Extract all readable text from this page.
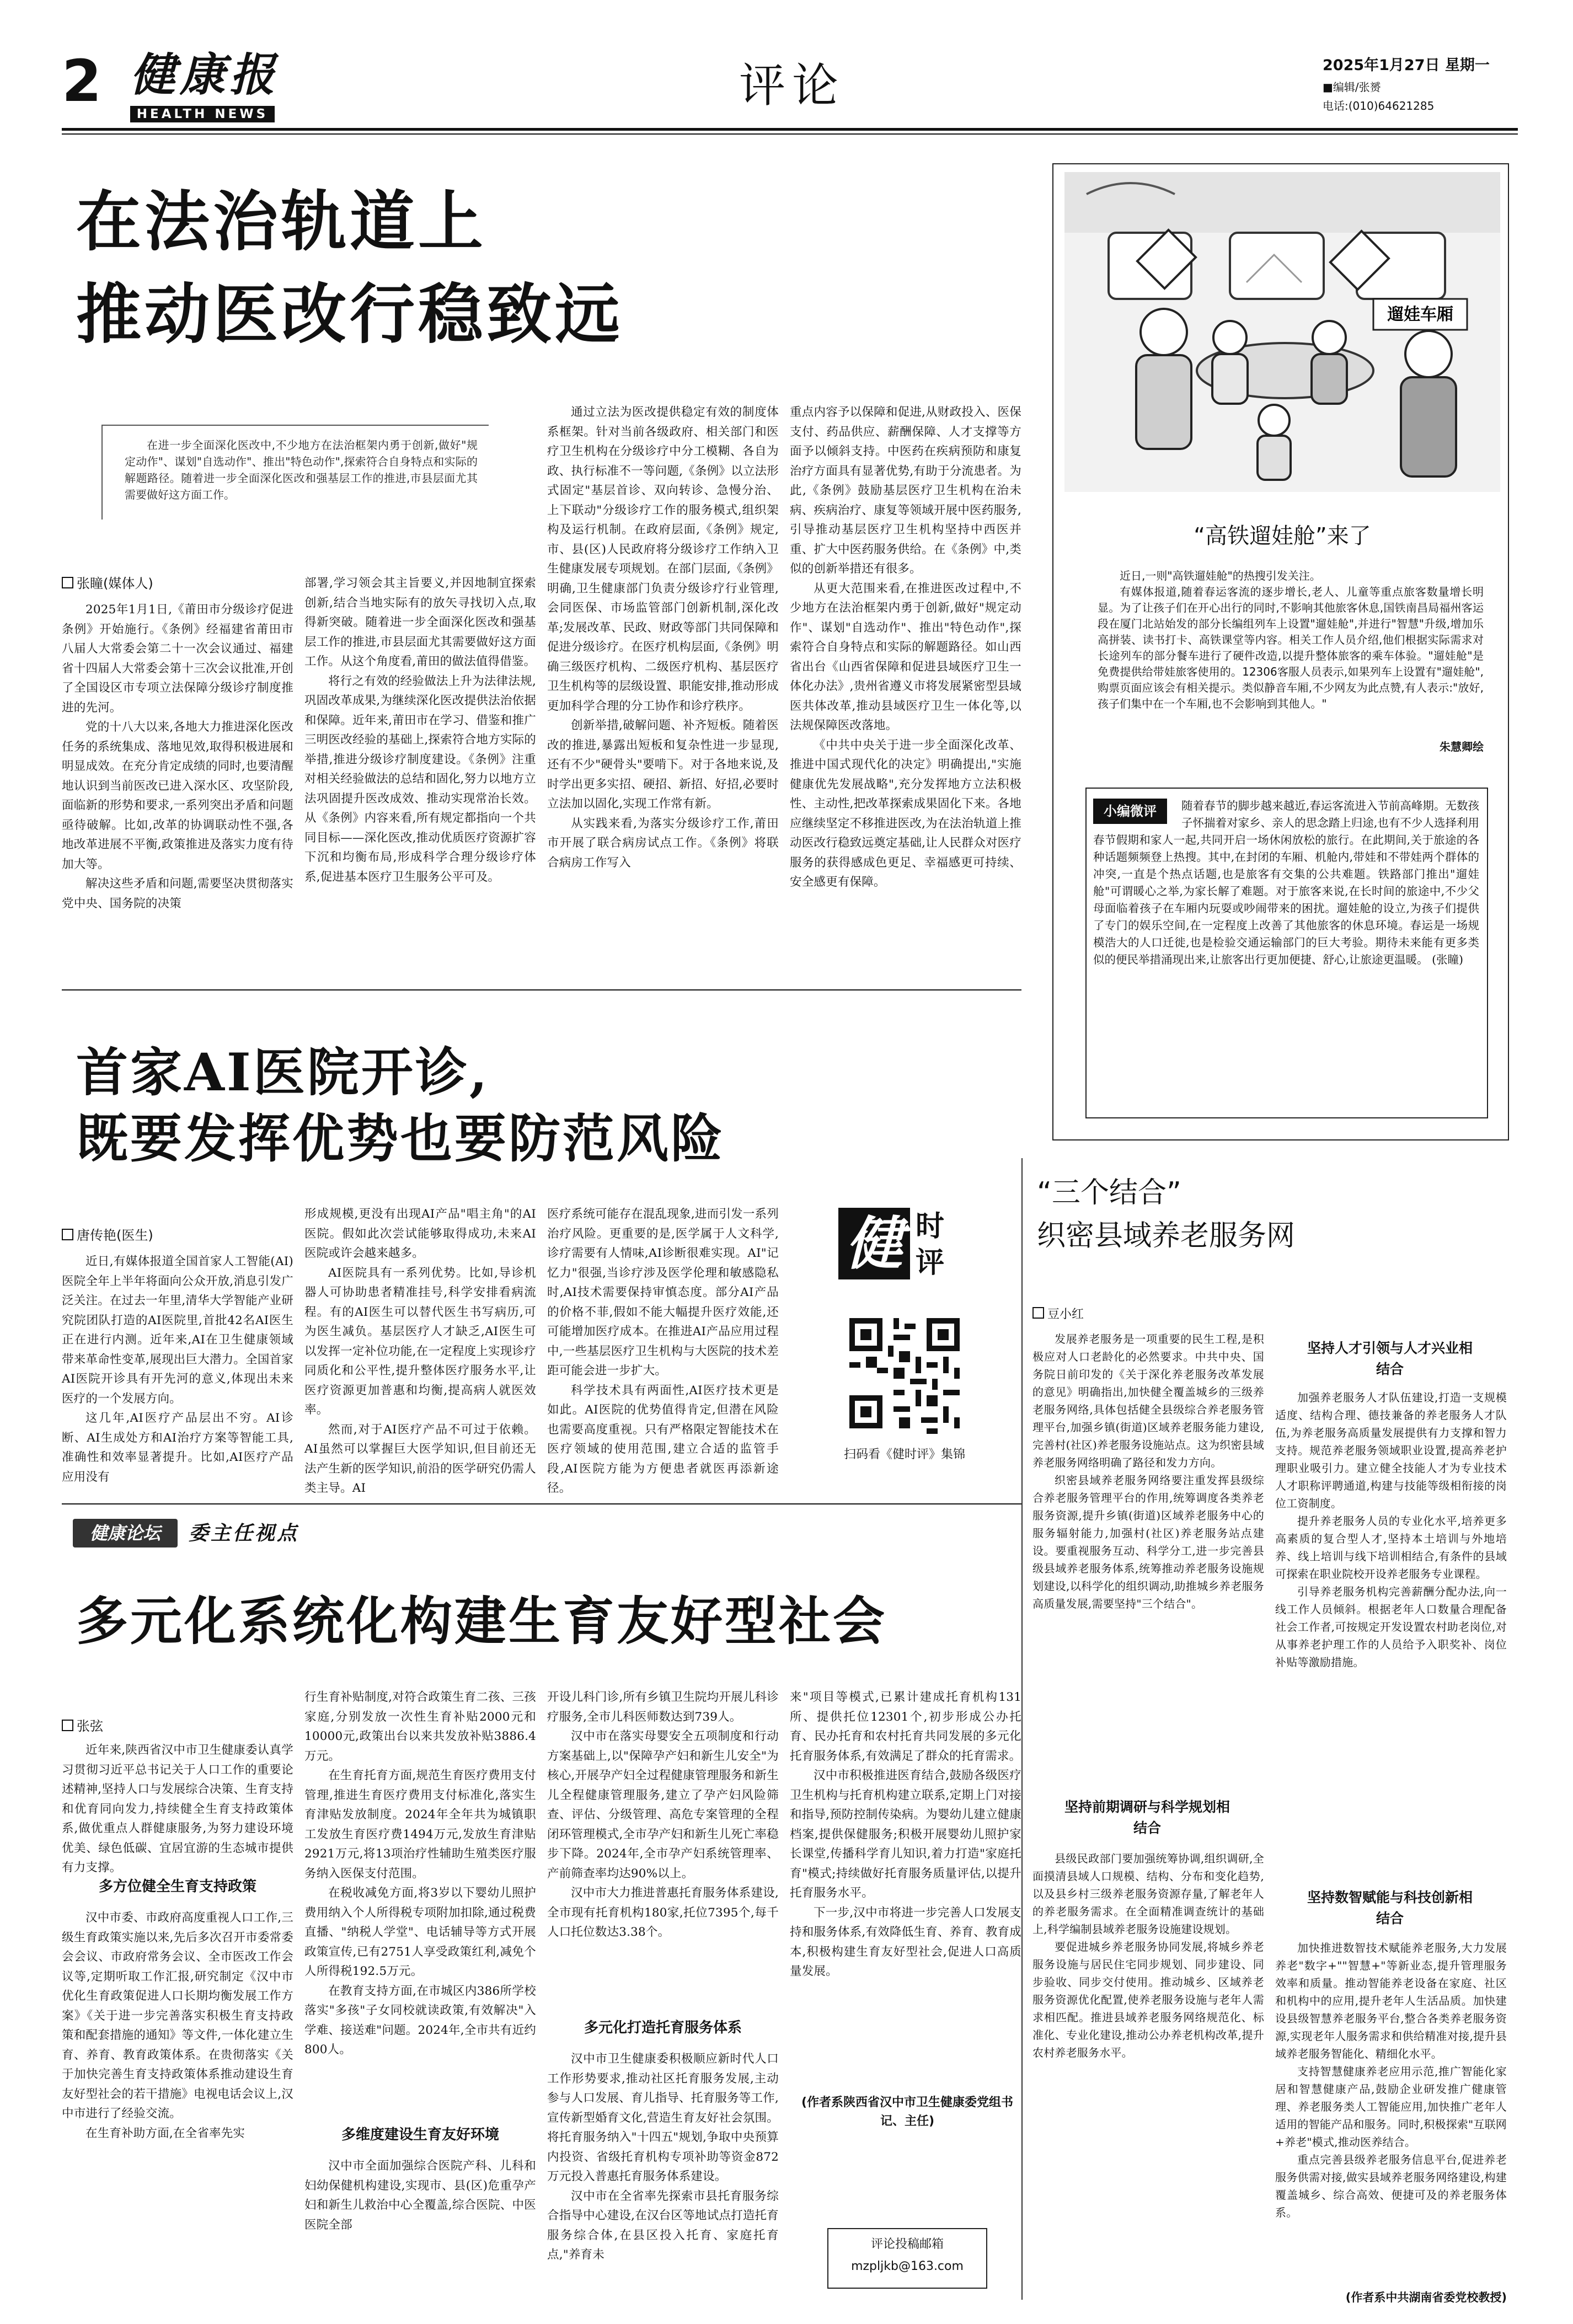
2 健康报
HEALTH NEWS
评论	2025年1月27日 星期一
■编辑/张赟
电话:(010)64621285
在法治轨道上
推动医改行稳致远
在进一步全面深化医改中,不少地方在法治框架内勇于创新,做好"规定动作"、谋划"自选动作"、推出"特色动作",探索符合自身特点和实际的解题路径。随着进一步全面深化医改和强基层工作的推进,市县层面尤其需要做好这方面工作。
张瞳(媒体人)

2025年1月1日,《莆田市分级诊疗促进条例》开始施行。《条例》经福建省莆田市八届人大常委会第二十一次会议通过、福建省十四届人大常委会第十三次会议批准,开创了全国设区市专项立法保障分级诊疗制度推进的先河。

党的十八大以来,各地大力推进深化医改任务的系统集成、落地见效,取得积极进展和明显成效。在充分肯定成绩的同时,也要清醒地认识到当前医改已进入深水区、攻坚阶段,面临新的形势和要求,一系列突出矛盾和问题亟待破解。比如,改革的协调联动性不强,各地改革进展不平衡,政策推进及落实力度有待加大等。

解决这些矛盾和问题,需要坚决贯彻落实党中央、国务院的决策

部署,学习领会其主旨要义,并因地制宜探索创新,结合当地实际有的放矢寻找切入点,取得新突破。随着进一步全面深化医改和强基层工作的推进,市县层面尤其需要做好这方面工作。从这个角度看,莆田的做法值得借鉴。

将行之有效的经验做法上升为法律法规,巩固改革成果,为继续深化医改提供法治依据和保障。近年来,莆田市在学习、借鉴和推广三明医改经验的基础上,探索符合地方实际的举措,推进分级诊疗制度建设。《条例》注重对相关经验做法的总结和固化,努力以地方立法巩固提升医改成效、推动实现常治长效。从《条例》内容来看,所有规定都指向一个共同目标——深化医改,推动优质医疗资源扩容下沉和均衡布局,形成科学合理分级诊疗体系,促进基本医疗卫生服务公平可及。

通过立法为医改提供稳定有效的制度体系框架。针对当前各级政府、相关部门和医疗卫生机构在分级诊疗中分工模糊、各自为政、执行标准不一等问题,《条例》以立法形式固定"基层首诊、双向转诊、急慢分治、上下联动"分级诊疗工作的服务模式,组织架构及运行机制。在政府层面,《条例》规定,市、县(区)人民政府将分级诊疗工作纳入卫生健康发展专项规划。在部门层面,《条例》明确,卫生健康部门负责分级诊疗行业管理,会同医保、市场监管部门创新机制,深化改革;发展改革、民政、财政等部门共同保障和促进分级诊疗。在医疗机构层面,《条例》明确三级医疗机构、二级医疗机构、基层医疗卫生机构等的层级设置、职能安排,推动形成更加科学合理的分工协作和诊疗秩序。

创新举措,破解问题、补齐短板。随着医改的推进,暴露出短板和复杂性进一步显现,还有不少"硬骨头"要啃下。对于各地来说,及时学出更多实招、硬招、新招、好招,必要时立法加以固化,实现工作常有新。

从实践来看,为落实分级诊疗工作,莆田市开展了联合病房试点工作。《条例》将联合病房工作写入

重点内容予以保障和促进,从财政投入、医保支付、药品供应、薪酬保障、人才支撑等方面予以倾斜支持。中医药在疾病预防和康复治疗方面具有显著优势,有助于分流患者。为此,《条例》鼓励基层医疗卫生机构在治未病、疾病治疗、康复等领域开展中医药服务,引导推动基层医疗卫生机构坚持中西医并重、扩大中医药服务供给。在《条例》中,类似的创新举措还有很多。

从更大范围来看,在推进医改过程中,不少地方在法治框架内勇于创新,做好"规定动作"、谋划"自选动作"、推出"特色动作",探索符合自身特点和实际的解题路径。如山西省出台《山西省保障和促进县域医疗卫生一体化办法》,贵州省遵义市将发展紧密型县域医共体改革,推动县域医疗卫生一体化等,以法规保障医改落地。

《中共中央关于进一步全面深化改革、推进中国式现代化的决定》明确提出,"实施健康优先发展战略",充分发挥地方立法积极性、主动性,把改革探索成果固化下来。各地应继续坚定不移推进医改,为在法治轨道上推动医改行稳致远奠定基础,让人民群众对医疗服务的获得感成色更足、幸福感更可持续、安全感更有保障。

遛娃车厢
“高铁遛娃舱”来了

近日,一则"高铁遛娃舱"的热搜引发关注。

有媒体报道,随着春运客流的逐步增长,老人、儿童等重点旅客数量增长明显。为了让孩子们在开心出行的同时,不影响其他旅客休息,国铁南昌局福州客运段在厦门北站始发的部分长编组列车上设置"遛娃舱",并进行"智慧"升级,增加乐高拼装、读书打卡、高铁课堂等内容。相关工作人员介绍,他们根据实际需求对长途列车的部分餐车进行了硬件改造,以提升整体旅客的乘车体验。"遛娃舱"是免费提供给带娃旅客使用的。12306客服人员表示,如果列车上设置有"遛娃舱",购票页面应该会有相关提示。类似静音车厢,不少网友为此点赞,有人表示:"放好,孩子们集中在一个车厢,也不会影响到其他人。"

朱慧卿绘
小编微评	随着春节的脚步越来越近,春运客流进入节前高峰期。无数孩子怀揣着对家乡、亲人的思念踏上归途,也有不少人选择利用春节假期和家人一起,共同开启一场休闲放松的旅行。在此期间,关于旅途的各种话题频频登上热搜。其中,在封闭的车厢、机舱内,带娃和不带娃两个群体的冲突,一直是个热点话题,也是旅客有交集的公共难题。铁路部门推出"遛娃舱"可谓暖心之举,为家长解了难题。对于旅客来说,在长时间的旅途中,不少父母面临着孩子在车厢内玩耍或吵闹带来的困扰。遛娃舱的设立,为孩子们提供了专门的娱乐空间,在一定程度上改善了其他旅客的休息环境。春运是一场规模浩大的人口迁徙,也是检验交通运输部门的巨大考验。期待未来能有更多类似的便民举措涌现出来,让旅客出行更加便捷、舒心,让旅途更温暖。 (张瞳)
首家AI医院开诊,
既要发挥优势也要防范风险
唐传艳(医生)

近日,有媒体报道全国首家人工智能(AI)医院全年上半年将面向公众开放,消息引发广泛关注。在过去一年里,清华大学智能产业研究院团队打造的AI医院里,首批42名AI医生正在进行内测。近年来,AI在卫生健康领域带来革命性变革,展现出巨大潜力。全国首家AI医院开诊具有开先河的意义,体现出未来医疗的一个发展方向。

这几年,AI医疗产品层出不穷。AI诊断、AI生成处方和AI治疗方案等智能工具,准确性和效率显著提升。比如,AI医疗产品应用没有

形成规模,更没有出现AI产品"唱主角"的AI医院。假如此次尝试能够取得成功,未来AI医院或许会越来越多。

AI医院具有一系列优势。比如,导诊机器人可协助患者精准挂号,科学安排看病流程。有的AI医生可以替代医生书写病历,可为医生减负。基层医疗人才缺乏,AI医生可以发挥一定补位功能,在一定程度上实现诊疗同质化和公平性,提升整体医疗服务水平,让医疗资源更加普惠和均衡,提高病人就医效率。

然而,对于AI医疗产品不可过于依赖。AI虽然可以掌握巨大医学知识,但目前还无法产生新的医学知识,前沿的医学研究仍需人类主导。AI

医疗系统可能存在混乱现象,进而引发一系列治疗风险。更重要的是,医学属于人文科学,诊疗需要有人情味,AI诊断很难实现。AI"记忆力"很强,当诊疗涉及医学伦理和敏感隐私时,AI技术需要保持审慎态度。部分AI产品的价格不菲,假如不能大幅提升医疗效能,还可能增加医疗成本。在推进AI产品应用过程中,一些基层医疗卫生机构与大医院的技术差距可能会进一步扩大。

科学技术具有两面性,AI医疗技术更是如此。AI医院的优势值得肯定,但潜在风险也需要高度重视。只有严格限定智能技术在医疗领域的使用范围,建立合适的监管手段,AI医院方能为方便患者就医再添新途径。

健 时
评
扫码看《健时评》集锦
“三个结合”
织密县域养老服务网
豆小红

发展养老服务是一项重要的民生工程,是积极应对人口老龄化的必然要求。中共中央、国务院日前印发的《关于深化养老服务改革发展的意见》明确指出,加快健全覆盖城乡的三级养老服务网络,具体包括健全县级综合养老服务管理平台,加强乡镇(街道)区域养老服务能力建设,完善村(社区)养老服务设施站点。这为织密县域养老服务网络明确了路径和发力方向。

织密县域养老服务网络要注重发挥县级综合养老服务管理平台的作用,统筹调度各类养老服务资源,提升乡镇(街道)区域养老服务中心的服务辐射能力,加强村(社区)养老服务站点建设。要重视服务互动、科学分工,进一步完善县级县域养老服务体系,统筹推动养老服务设施规划建设,以科学化的组织调动,助推城乡养老服务高质量发展,需要坚持"三个结合"。

坚持前期调研与科学规划相结合

县级民政部门要加强统筹协调,组织调研,全面摸清县域人口规模、结构、分布和变化趋势,以及县乡村三级养老服务资源存量,了解老年人的养老服务需求。在全面精准调查统计的基础上,科学编制县域养老服务设施建设规划。

要促进城乡养老服务协同发展,将城乡养老服务设施与居民住宅同步规划、同步建设、同步验收、同步交付使用。推动城乡、区域养老服务资源优化配置,使养老服务设施与老年人需求相匹配。推进县域养老服务网络规范化、标准化、专业化建设,推动公办养老机构改革,提升农村养老服务水平。

坚持人才引领与人才兴业相结合

加强养老服务人才队伍建设,打造一支规模适度、结构合理、德技兼备的养老服务人才队伍,为养老服务高质量发展提供有力支撑和智力支持。规范养老服务领域职业设置,提高养老护理职业吸引力。建立健全技能人才为专业技术人才职称评聘通道,构建与技能等级相衔接的岗位工资制度。

提升养老服务人员的专业化水平,培养更多高素质的复合型人才,坚持本土培训与外地培养、线上培训与线下培训相结合,有条件的县域可探索在职业院校开设养老服务专业课程。

引导养老服务机构完善薪酬分配办法,向一线工作人员倾斜。根据老年人口数量合理配备社会工作者,可按规定开发设置农村助老岗位,对从事养老护理工作的人员给予入职奖补、岗位补贴等激励措施。

坚持数智赋能与科技创新相结合

加快推进数智技术赋能养老服务,大力发展养老"数字+""智慧+"等新业态,提升管理服务效率和质量。推动智能养老设备在家庭、社区和机构中的应用,提升老年人生活品质。加快建设县级智慧养老服务平台,整合各类养老服务资源,实现老年人服务需求和供给精准对接,提升县域养老服务智能化、精细化水平。

支持智慧健康养老应用示范,推广智能化家居和智慧健康产品,鼓励企业研发推广健康管理、养老服务类人工智能应用,加快推广老年人适用的智能产品和服务。同时,积极探索"互联网+养老"模式,推动医养结合。

重点完善县级养老服务信息平台,促进养老服务供需对接,做实县域养老服务网络建设,构建覆盖城乡、综合高效、便捷可及的养老服务体系。

(作者系中共湖南省委党校教授)
健康论坛	委主任视点
多元化系统化构建生育友好型社会
张弦

近年来,陕西省汉中市卫生健康委认真学习贯彻习近平总书记关于人口工作的重要论述精神,坚持人口与发展综合决策、生育支持和优育同向发力,持续健全生育支持政策体系,做优重点人群健康服务,为努力建设环境优美、绿色低碳、宜居宜游的生态城市提供有力支撑。

多方位健全生育支持政策

汉中市委、市政府高度重视人口工作,三级生育政策实施以来,先后多次召开市委常委会会议、市政府常务会议、全市医改工作会议等,定期听取工作汇报,研究制定《汉中市优化生育政策促进人口长期均衡发展工作方案》《关于进一步完善落实积极生育支持政策和配套措施的通知》等文件,一体化建立生育、养育、教育政策体系。在贵彻落实《关于加快完善生育支持政策体系推动建设生育友好型社会的若干措施》电视电话会议上,汉中市进行了经验交流。

在生育补助方面,在全省率先实

行生育补贴制度,对符合政策生育二孩、三孩家庭,分别发放一次性生育补贴2000元和10000元,政策出台以来共发放补贴3886.4万元。

在生育托育方面,规范生育医疗费用支付管理,推进生育医疗费用支付标准化,落实生育津贴发放制度。2024年全年共为城镇职工发放生育医疗费1494万元,发放生育津贴2921万元,将13项治疗性辅助生殖类医疗服务纳入医保支付范围。

在税收减免方面,将3岁以下婴幼儿照护费用纳入个人所得税专项附加扣除,通过税费直播、"纳税人学堂"、电话辅导等方式开展政策宣传,已有2751人享受政策红利,减免个人所得税192.5万元。

在教育支持方面,在市城区内386所学校落实"多孩"子女同校就读政策,有效解决"入学难、接送难"问题。2024年,全市共有近约800人。

多维度建设生育友好环境

汉中市全面加强综合医院产科、儿科和妇幼保健机构建设,实现市、县(区)危重孕产妇和新生儿救治中心全覆盖,综合医院、中医医院全部

开设儿科门诊,所有乡镇卫生院均开展儿科诊疗服务,全市儿科医师数达到739人。

汉中市在落实母婴安全五项制度和行动方案基础上,以"保障孕产妇和新生儿安全"为核心,开展孕产妇全过程健康管理服务和新生儿全程健康管理服务,建立了孕产妇风险筛查、评估、分级管理、高危专案管理的全程闭环管理模式,全市孕产妇和新生儿死亡率稳步下降。2024年,全市孕产妇系统管理率、产前筛查率均达90%以上。

汉中市大力推进普惠托育服务体系建设,全市现有托育机构180家,托位7395个,每千人口托位数达3.38个。

多元化打造托育服务体系

汉中市卫生健康委积极顺应新时代人口工作形势要求,推动社区托育服务发展,主动参与人口发展、育儿指导、托育服务等工作,宣传新型婚育文化,营造生育友好社会氛围。将托育服务纳入"十四五"规划,争取中央预算内投资、省级托育机构专项补助等资金872万元投入普惠托育服务体系建设。

汉中市在全省率先探索市县托育服务综合指导中心建设,在汉台区等地试点打造托育服务综合体,在县区投入托育、家庭托育点,"养育未

来"项目等模式,已累计建成托育机构131所、提供托位12301个,初步形成公办托育、民办托育和农村托育共同发展的多元化托育服务体系,有效满足了群众的托育需求。

汉中市积极推进医育结合,鼓励各级医疗卫生机构与托育机构建立联系,定期上门对接和指导,预防控制传染病。为婴幼儿建立健康档案,提供保健服务;积极开展婴幼儿照护家长课堂,传播科学育儿知识,着力打造"家庭托育"模式;持续做好托育服务质量评估,以提升托育服务水平。

下一步,汉中市将进一步完善人口发展支持和服务体系,有效降低生育、养育、教育成本,积极构建生育友好型社会,促进人口高质量发展。

(作者系陕西省汉中市卫生健康委党组书记、主任)
评论投稿邮箱
mzpljkb@163.com
